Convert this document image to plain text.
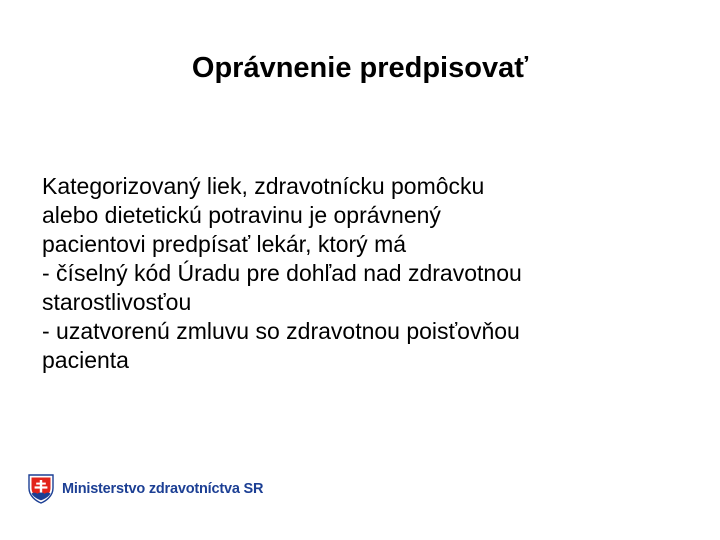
Oprávnenie predpisovať
Kategorizovaný liek, zdravotnícku pomôcku
alebo dietetickú potravinu je oprávnený
pacientovi predpísať lekár, ktorý má
- číselný kód Úradu pre dohľad nad zdravotnou
starostlivosťou
- uzatvorenú zmluvu so zdravotnou poisťovňou
pacienta
Ministerstvo zdravotníctva SR
